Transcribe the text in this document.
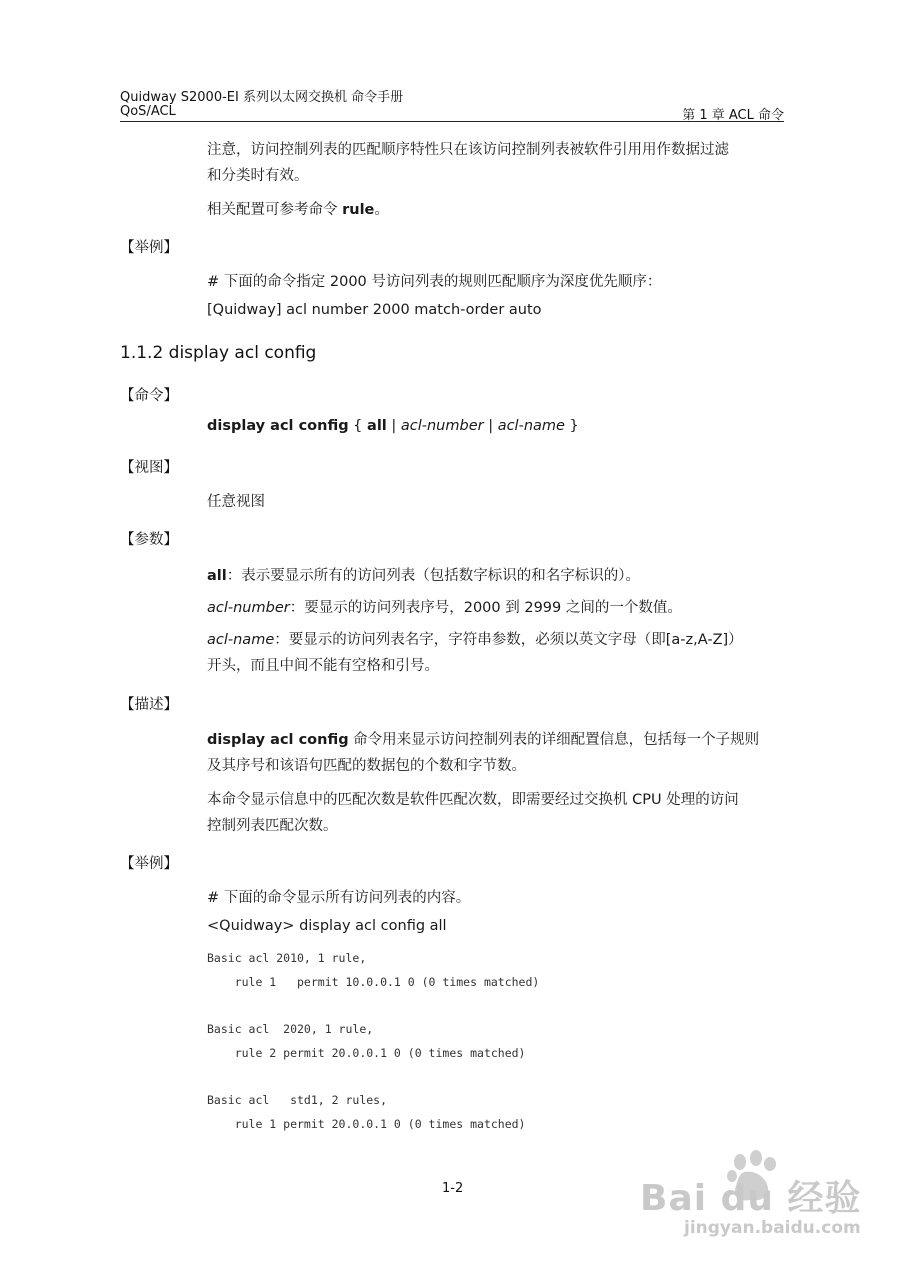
Quidway S2000-EI 系列以太网交换机 命令手册
QoS/ACL	第 1 章 ACL 命令
注意，访问控制列表的匹配顺序特性只在该访问控制列表被软件引用用作数据过滤
和分类时有效。
相关配置可参考命令 rule。
【举例】
# 下面的命令指定 2000 号访问列表的规则匹配顺序为深度优先顺序：
[Quidway] acl number 2000 match-order auto
1.1.2 display acl config
【命令】
display acl config { all | acl-number | acl-name }
【视图】
任意视图
【参数】
all：表示要显示所有的访问列表（包括数字标识的和名字标识的）。
acl-number：要显示的访问列表序号，2000 到 2999 之间的一个数值。
acl-name：要显示的访问列表名字，字符串参数，必须以英文字母（即[a-z,A-Z]）
开头，而且中间不能有空格和引号。
【描述】
display acl config 命令用来显示访问控制列表的详细配置信息，包括每一个子规则
及其序号和该语句匹配的数据包的个数和字节数。
本命令显示信息中的匹配次数是软件匹配次数，即需要经过交换机 CPU 处理的访问
控制列表匹配次数。
【举例】
# 下面的命令显示所有访问列表的内容。
<Quidway> display acl config all
Basic acl 2010, 1 rule,
rule 1   permit 10.0.0.1 0 (0 times matched)
Basic acl  2020, 1 rule,
rule 2 permit 20.0.0.1 0 (0 times matched)
Basic acl   std1, 2 rules,
rule 1 permit 20.0.0.1 0 (0 times matched)
1-2	Bai du 经验
jingyan.baidu.com
